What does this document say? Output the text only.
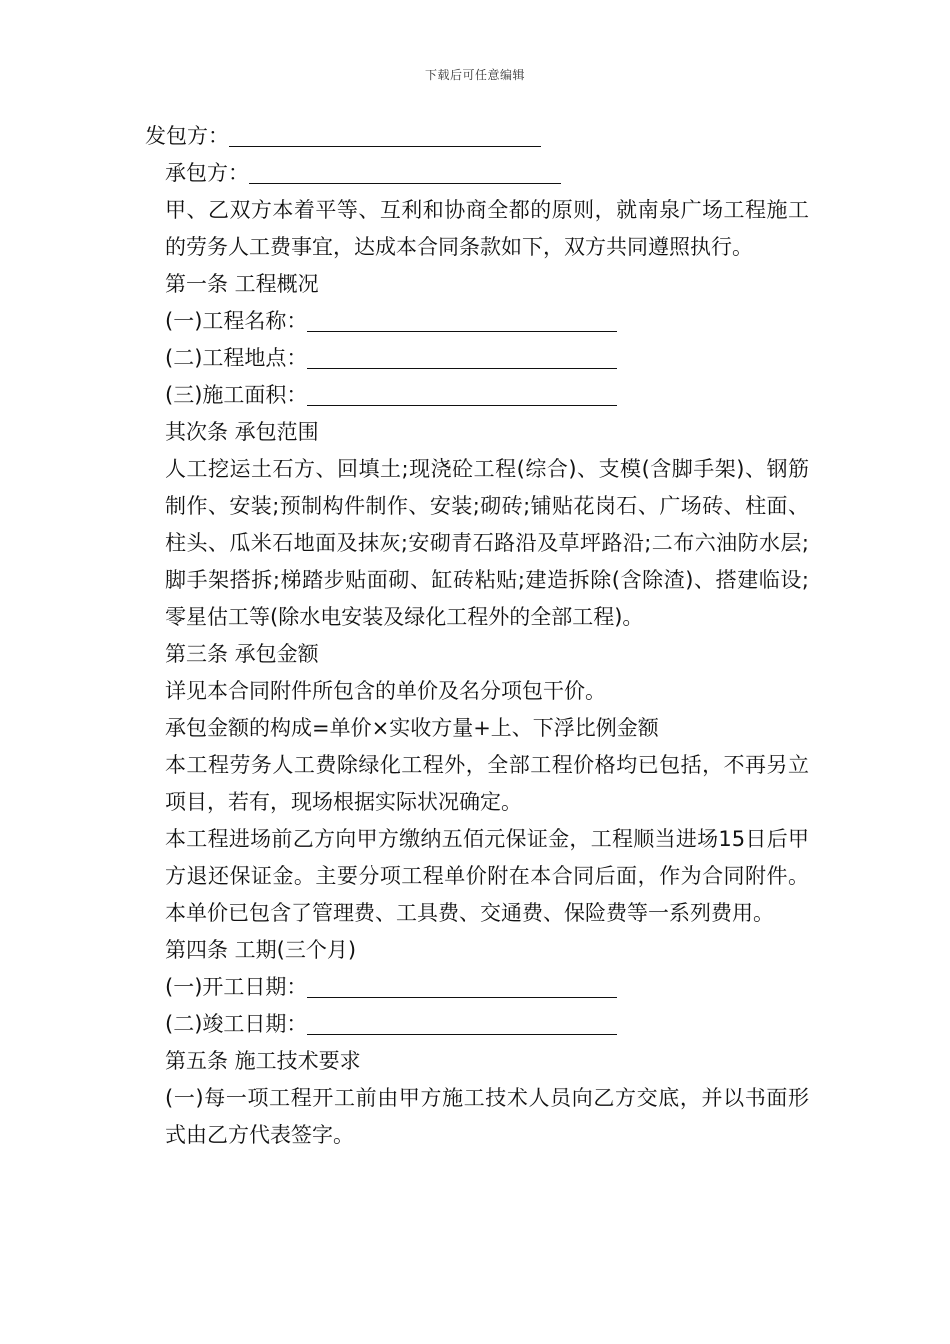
下载后可任意编辑
发包方：
承包方：
甲、乙双方本着平等、互利和协商全都的原则，就南泉广场工程施工的劳务人工费事宜，达成本合同条款如下，双方共同遵照执行。
第一条 工程概况
(一)工程名称：
(二)工程地点：
(三)施工面积：
其次条 承包范围
人工挖运土石方、回填土;现浇砼工程(综合)、支模(含脚手架)、钢筋制作、安装;预制构件制作、安装;砌砖;铺贴花岗石、广场砖、柱面、柱头、瓜米石地面及抹灰;安砌青石路沿及草坪路沿;二布六油防水层;脚手架搭拆;梯踏步贴面砌、缸砖粘贴;建造拆除(含除渣)、搭建临设;零星估工等(除水电安装及绿化工程外的全部工程)。
第三条 承包金额
详见本合同附件所包含的单价及名分项包干价。
承包金额的构成=单价×实收方量+上、下浮比例金额
本工程劳务人工费除绿化工程外，全部工程价格均已包括，不再另立项目，若有，现场根据实际状况确定。
本工程进场前乙方向甲方缴纳五佰元保证金，工程顺当进场15日后甲方退还保证金。主要分项工程单价附在本合同后面，作为合同附件。本单价已包含了管理费、工具费、交通费、保险费等一系列费用。
第四条 工期(三个月)
(一)开工日期：
(二)竣工日期：
第五条 施工技术要求
(一)每一项工程开工前由甲方施工技术人员向乙方交底，并以书面形式由乙方代表签字。
